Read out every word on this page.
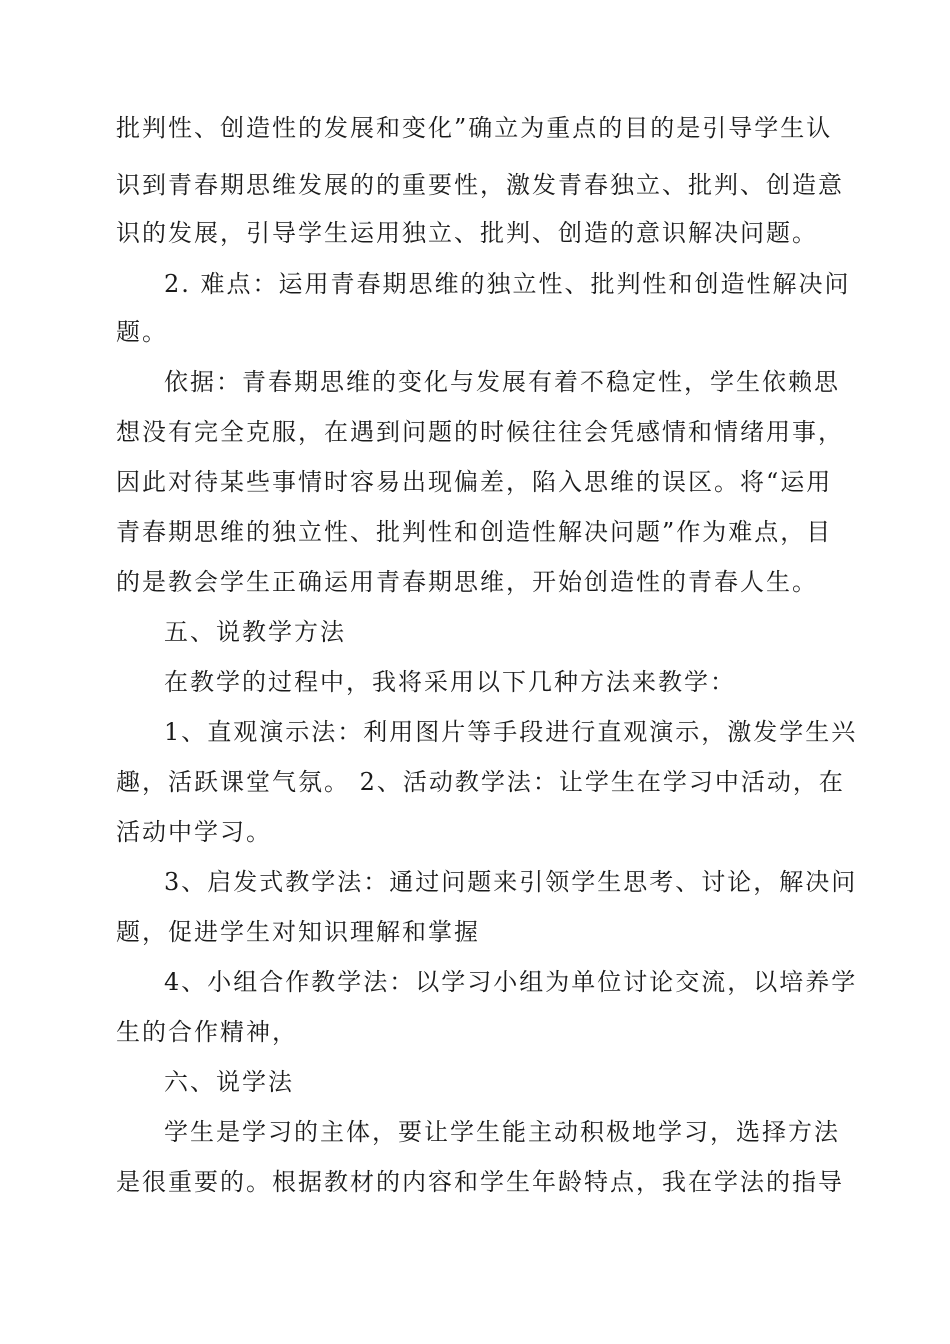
批判性、创造性的发展和变化”确立为重点的目的是引导学生认
识到青春期思维发展的的重要性，激发青春独立、批判、创造意
识的发展，引导学生运用独立、批判、创造的意识解决问题。
2. 难点：运用青春期思维的独立性、批判性和创造性解决问
题。
依据：青春期思维的变化与发展有着不稳定性，学生依赖思
想没有完全克服，在遇到问题的时候往往会凭感情和情绪用事，
因此对待某些事情时容易出现偏差，陷入思维的误区。将“运用
青春期思维的独立性、批判性和创造性解决问题”作为难点，目
的是教会学生正确运用青春期思维，开始创造性的青春人生。
五、说教学方法
在教学的过程中，我将采用以下几种方法来教学：
1、直观演示法：利用图片等手段进行直观演示，激发学生兴
趣，活跃课堂气氛。 2、活动教学法：让学生在学习中活动，在
活动中学习。
3、启发式教学法：通过问题来引领学生思考、讨论，解决问
题，促进学生对知识理解和掌握
4、小组合作教学法：以学习小组为单位讨论交流，以培养学
生的合作精神，
六、说学法
学生是学习的主体，要让学生能主动积极地学习，选择方法
是很重要的。根据教材的内容和学生年龄特点，我在学法的指导
